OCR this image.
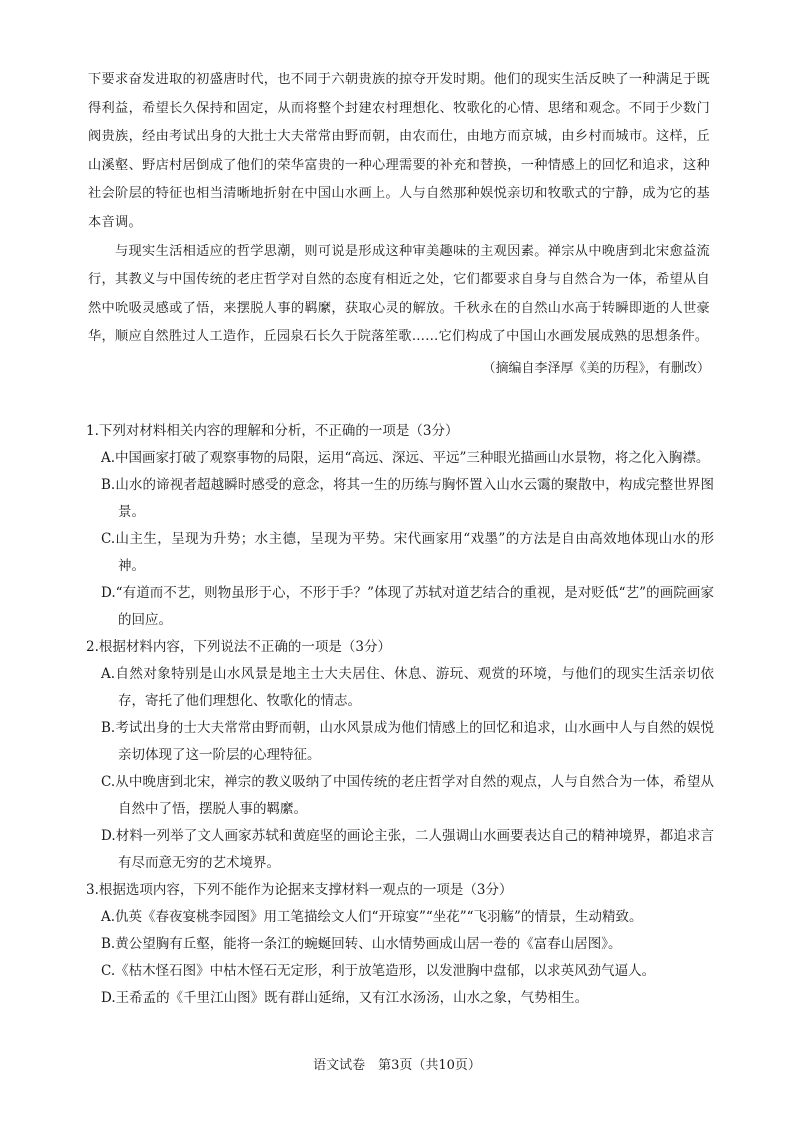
下要求奋发进取的初盛唐时代，也不同于六朝贵族的掠夺开发时期。他们的现实生活反映了一种满足于既得利益，希望长久保持和固定，从而将整个封建农村理想化、牧歌化的心情、思绪和观念。不同于少数门阀贵族，经由考试出身的大批士大夫常常由野而朝，由农而仕，由地方而京城，由乡村而城市。这样，丘山溪壑、野店村居倒成了他们的荣华富贵的一种心理需要的补充和替换，一种情感上的回忆和追求，这种社会阶层的特征也相当清晰地折射在中国山水画上。人与自然那种娱悦亲切和牧歌式的宁静，成为它的基本音调。

与现实生活相适应的哲学思潮，则可说是形成这种审美趣味的主观因素。禅宗从中晚唐到北宋愈益流行，其教义与中国传统的老庄哲学对自然的态度有相近之处，它们都要求自身与自然合为一体，希望从自然中吮吸灵感或了悟，来摆脱人事的羁縻，获取心灵的解放。千秋永在的自然山水高于转瞬即逝的人世豪华，顺应自然胜过人工造作，丘园泉石长久于院落笙歌……它们构成了中国山水画发展成熟的思想条件。

（摘编自李泽厚《美的历程》，有删改）

1.下列对材料相关内容的理解和分析，不正确的一项是（3分）

A.中国画家打破了观察事物的局限，运用“高远、深远、平远”三种眼光描画山水景物，将之化入胸襟。

B.山水的谛视者超越瞬时感受的意念，将其一生的历练与胸怀置入山水云霭的聚散中，构成完整世界图景。

C.山主生，呈现为升势；水主德，呈现为平势。宋代画家用“戏墨”的方法是自由高效地体现山水的形神。

D.“有道而不艺，则物虽形于心，不形于手？”体现了苏轼对道艺结合的重视，是对贬低“艺”的画院画家的回应。

2.根据材料内容，下列说法不正确的一项是（3分）

A.自然对象特别是山水风景是地主士大夫居住、休息、游玩、观赏的环境，与他们的现实生活亲切依存，寄托了他们理想化、牧歌化的情志。

B.考试出身的士大夫常常由野而朝，山水风景成为他们情感上的回忆和追求，山水画中人与自然的娱悦亲切体现了这一阶层的心理特征。

C.从中晚唐到北宋，禅宗的教义吸纳了中国传统的老庄哲学对自然的观点，人与自然合为一体，希望从自然中了悟，摆脱人事的羁縻。

D.材料一列举了文人画家苏轼和黄庭坚的画论主张，二人强调山水画要表达自己的精神境界，都追求言有尽而意无穷的艺术境界。

3.根据选项内容，下列不能作为论据来支撑材料一观点的一项是（3分）

A.仇英《春夜宴桃李园图》用工笔描绘文人们“开琼宴”“坐花”“飞羽觞”的情景，生动精致。

B.黄公望胸有丘壑，能将一条江的蜿蜒回转、山水情势画成山居一卷的《富春山居图》。

C.《枯木怪石图》中枯木怪石无定形，利于放笔造形，以发泄胸中盘郁，以求英风劲气逼人。

D.王希孟的《千里江山图》既有群山延绵，又有江水汤汤，山水之象，气势相生。

语文试卷　第3页（共10页）
